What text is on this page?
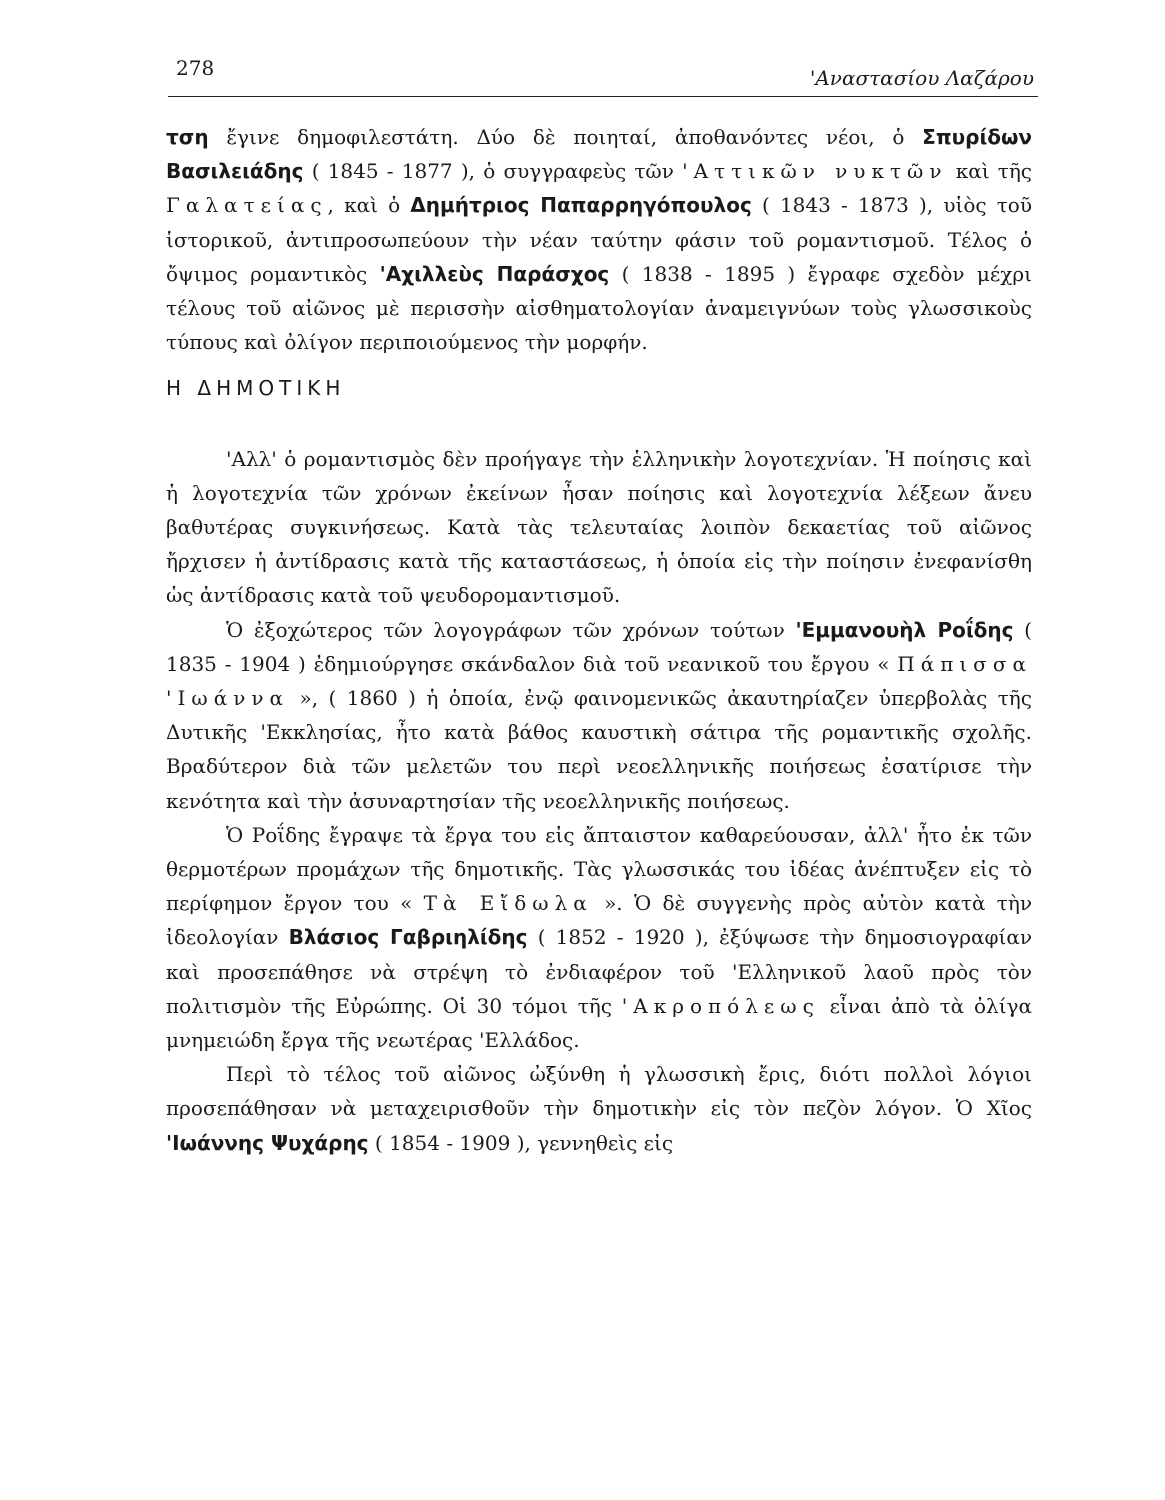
278	'Αναστασίου Λαζάρου

τση ἔγινε δημοφιλεστάτη. Δύο δὲ ποιηταί, ἀποθανόντες νέοι, ὁ Σπυρίδων Βασιλειάδης ( 1845 - 1877 ), ὁ συγγραφεὺς τῶν 'Αττικῶν νυκτῶν καὶ τῆς Γαλατείας, καὶ ὁ Δημήτριος Παπαρρηγόπουλος ( 1843 - 1873 ), υἱὸς τοῦ ἱστορικοῦ, ἀντιπροσωπεύουν τὴν νέαν ταύτην φάσιν τοῦ ρομαντισμοῦ. Τέλος ὁ ὄψιμος ρομαντικὸς 'Αχιλλεὺς Παράσχος ( 1838 - 1895 ) ἔγραφε σχεδὸν μέχρι τέλους τοῦ αἰῶνος μὲ περισσὴν αἰσθηματολογίαν ἀναμειγνύων τοὺς γλωσσικοὺς τύπους καὶ ὀλίγον περιποιούμενος τὴν μορφήν.

Η ΔΗΜΟΤΙΚΗ

'Αλλ' ὁ ρομαντισμὸς δὲν προήγαγε τὴν ἑλληνικὴν λογοτεχνίαν. Ἡ ποίησις καὶ ἡ λογοτεχνία τῶν χρόνων ἐκείνων ἦσαν ποίησις καὶ λογοτεχνία λέξεων ἄνευ βαθυτέρας συγκινήσεως. Κατὰ τὰς τελευταίας λοιπὸν δεκαετίας τοῦ αἰῶνος ἤρχισεν ἡ ἀντίδρασις κατὰ τῆς καταστάσεως, ἡ ὁποία εἰς τὴν ποίησιν ἐνεφανίσθη ὡς ἀντίδρασις κατὰ τοῦ ψευδορομαντισμοῦ.

Ὁ ἐξοχώτερος τῶν λογογράφων τῶν χρόνων τούτων 'Εμμανουὴλ Ροΐδης ( 1835 - 1904 ) ἐδημιούργησε σκάνδαλον διὰ τοῦ νεανικοῦ του ἔργου « Πάπισσα 'Ιωάννα », ( 1860 ) ἡ ὁποία, ἐνῷ φαινομενικῶς ἀκαυτηρίαζεν ὑπερβολὰς τῆς Δυτικῆς 'Εκκλησίας, ἦτο κατὰ βάθος καυστικὴ σάτιρα τῆς ρομαντικῆς σχολῆς. Βραδύτερον διὰ τῶν μελετῶν του περὶ νεοελληνικῆς ποιήσεως ἐσατίρισε τὴν κενότητα καὶ τὴν ἀσυναρτησίαν τῆς νεοελληνικῆς ποιήσεως.

Ὁ Ροΐδης ἔγραψε τὰ ἔργα του εἰς ἄπταιστον καθαρεύουσαν, ἀλλ' ἦτο ἐκ τῶν θερμοτέρων προμάχων τῆς δημοτικῆς. Τὰς γλωσσικάς του ἰδέας ἀνέπτυξεν εἰς τὸ περίφημον ἔργον του « Τὰ Εἴδωλα ». Ὁ δὲ συγγενὴς πρὸς αὐτὸν κατὰ τὴν ἰδεολογίαν Βλάσιος Γαβριηλίδης ( 1852 - 1920 ), ἐξύψωσε τὴν δημοσιογραφίαν καὶ προσεπάθησε νὰ στρέψη τὸ ἐνδιαφέρον τοῦ 'Ελληνικοῦ λαοῦ πρὸς τὸν πολιτισμὸν τῆς Εὐρώπης. Οἱ 30 τόμοι τῆς 'Ακροπόλεως εἶναι ἀπὸ τὰ ὀλίγα μνημειώδη ἔργα τῆς νεωτέρας 'Ελλάδος.

Περὶ τὸ τέλος τοῦ αἰῶνος ὠξύνθη ἡ γλωσσικὴ ἔρις, διότι πολλοὶ λόγιοι προσεπάθησαν νὰ μεταχειρισθοῦν τὴν δημοτικὴν εἰς τὸν πεζὸν λόγον. Ὁ Χῖος 'Ιωάννης Ψυχάρης ( 1854 - 1909 ), γεννηθεὶς εἰς
